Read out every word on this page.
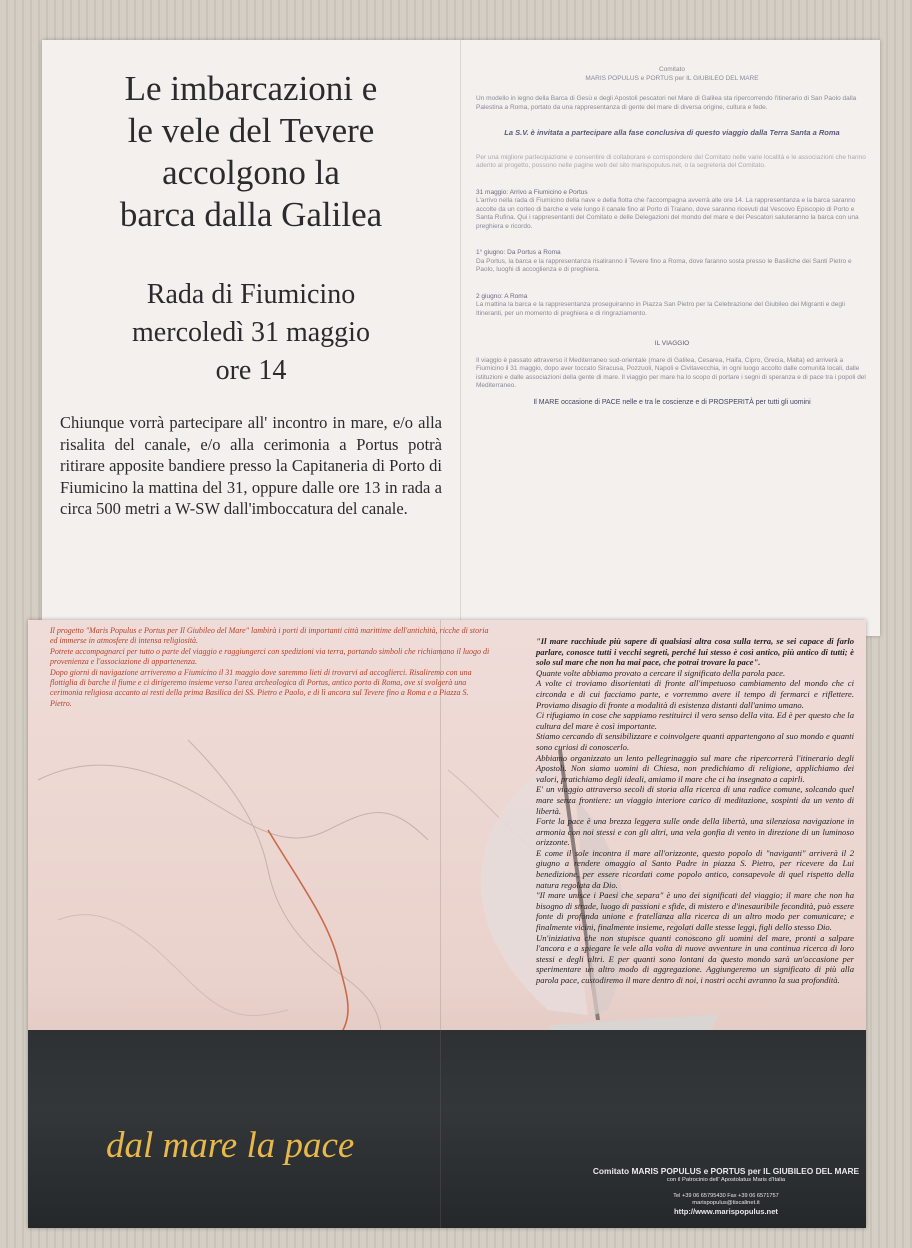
Le imbarcazioni e
le vele del Tevere
accolgono la
barca dalla Galilea
Rada di Fiumicino
mercoledì 31 maggio
ore 14
Chiunque vorrà partecipare all' incontro in mare, e/o alla risalita del canale, e/o alla cerimonia a Portus potrà ritirare apposite bandiere presso la Capitaneria di Porto di Fiumicino la mattina del 31, oppure dalle ore 13 in rada a circa 500 metri a W-SW dall'imboccatura del canale.
Comitato
MARIS POPULUS e PORTUS per IL GIUBILEO DEL MARE
Un modello in legno della Barca di Gesù e degli Apostoli pescatori nel Mare di Galilea sta ripercorrendo l'itinerario di San Paolo dalla Palestina a Roma, portato da una rappresentanza di gente del mare di diversa origine, cultura e fede.
La S.V. è invitata a partecipare alla fase conclusiva di questo viaggio dalla Terra Santa a Roma
Per una migliore partecipazione e consentire di collaborare e corrispondere del Comitato nelle varie località e le associazioni che hanno aderito al progetto, possono nelle pagine web del sito marispopulus.net, o la segreteria del Comitato.
31 maggio: Arrivo a Fiumicino e Portus
L'arrivo nella rada di Fiumicino della nave e della flotta che l'accompagna avverrà alle ore 14. La rappresentanza e la barca saranno accolte da un corteo di barche e vele lungo il canale fino al Porto di Traiano, dove saranno ricevuti dal Vescovo Episcopio di Porto e Santa Rufina. Qui i rappresentanti del Comitato e delle Delegazioni del mondo del mare e dei Pescatori saluteranno la barca con una preghiera e ricordo.
1° giugno: Da Portus a Roma
Da Portus, la barca e la rappresentanza risaliranno il Tevere fino a Roma, dove faranno sosta presso le Basiliche dei Santi Pietro e Paolo, luoghi di accoglienza e di preghiera.
2 giugno: A Roma
La mattina la barca e la rappresentanza proseguiranno in Piazza San Pietro per la Celebrazione del Giubileo dei Migranti e degli Itineranti, per un momento di preghiera e di ringraziamento.
IL VIAGGIO
Il viaggio è passato attraverso il Mediterraneo sud-orientale (mare di Galilea, Cesarea, Haifa, Cipro, Grecia, Malta) ed arriverà a Fiumicino il 31 maggio, dopo aver toccato Siracusa, Pozzuoli, Napoli e Civitavecchia, in ogni luogo accolto dalle comunità locali, dalle istituzioni e dalle associazioni della gente di mare. Il viaggio per mare ha lo scopo di portare i segni di speranza e di pace tra i popoli del Mediterraneo.
Il MARE occasione di PACE nelle e tra le coscienze e di PROSPERITÀ per tutti gli uomini

Il progetto "Maris Populus e Portus per Il Giubileo del Mare" lambirà i porti di importanti città marittime dell'antichità, ricche di storia ed immerse in atmosfere di intensa religiosità.

Potrete accompagnarci per tutto o parte del viaggio e raggiungerci con spedizioni via terra, portando simboli che richiamano il luogo di provenienza e l'associazione di appartenenza.

Dopo giorni di navigazione arriveremo a Fiumicino il 31 maggio dove saremmo lieti di trovarvi ad accoglierci. Risaliremo con una flottiglia di barche il fiume e ci dirigeremo insieme verso l'area archeologica di Portus, antico porto di Roma, ove si svolgerà una cerimonia religiosa accanto ai resti della prima Basilica dei SS. Pietro e Paolo, e di lì ancora sul Tevere fino a Roma e a Piazza S. Pietro.

"Il mare racchiude più sapere di qualsiasi altra cosa sulla terra, se sei capace di farlo parlare, conosce tutti i vecchi segreti, perché lui stesso è così antico, più antico di tutti; è solo sul mare che non ha mai pace, che potrai trovare la pace".

Quante volte abbiamo provato a cercare il significato della parola pace.

A volte ci troviamo disorientati di fronte all'impetuoso cambiamento del mondo che ci circonda e di cui facciamo parte, e vorremmo avere il tempo di fermarci e riflettere. Proviamo disagio di fronte a modalità di esistenza distanti dall'animo umano.

Ci rifugiamo in cose che sappiamo restituirci il vero senso della vita. Ed è per questo che la cultura del mare è così importante.

Stiamo cercando di sensibilizzare e coinvolgere quanti appartengono al suo mondo e quanti sono curiosi di conoscerlo.

Abbiamo organizzato un lento pellegrinaggio sul mare che ripercorrerà l'itinerario degli Apostoli. Non siamo uomini di Chiesa, non predichiamo di religione, applichiamo dei valori, pratichiamo degli ideali, amiamo il mare che ci ha insegnato a capirli.

E' un viaggio attraverso secoli di storia alla ricerca di una radice comune, solcando quel mare senza frontiere: un viaggio interiore carico di meditazione, sospinti da un vento di libertà.

Forte la pace è una brezza leggera sulle onde della libertà, una silenziosa navigazione in armonia con noi stessi e con gli altri, una vela gonfia di vento in direzione di un luminoso orizzonte.

E come il sole incontra il mare all'orizzonte, questo popolo di "naviganti" arriverà il 2 giugno a rendere omaggio al Santo Padre in piazza S. Pietro, per ricevere da Lui benedizione, per essere ricordati come popolo antico, consapevole di quel rispetto della natura regolata da Dio.

"Il mare unisce i Paesi che separa" è uno dei significati del viaggio; il mare che non ha bisogno di strade, luogo di passioni e sfide, di mistero e d'inesauribile fecondità, può essere fonte di profonda unione e fratellanza alla ricerca di un altro modo per comunicare; e finalmente vicini, finalmente insieme, regolati dalle stesse leggi, figli dello stesso Dio.

Un'iniziativa che non stupisce quanti conoscono gli uomini del mare, pronti a salpare l'ancora e a spiegare le vele alla volta di nuove avventure in una continua ricerca di loro stessi e degli altri. E per quanti sono lontani da questo mondo sarà un'occasione per sperimentare un altro modo di aggregazione. Aggiungeremo un significato di più alla parola pace, custodiremo il mare dentro di noi, i nostri occhi avranno la sua profondità.

dal mare la pace
Comitato MARIS POPULUS e PORTUS per IL GIUBILEO DEL MARE
con il Patrocinio dell' Apostolatus Maris d'Italia
Tel +39 06 65795430 Fax +39 06 6571757
marispopulus@tiscalinet.it
http://www.marispopulus.net
